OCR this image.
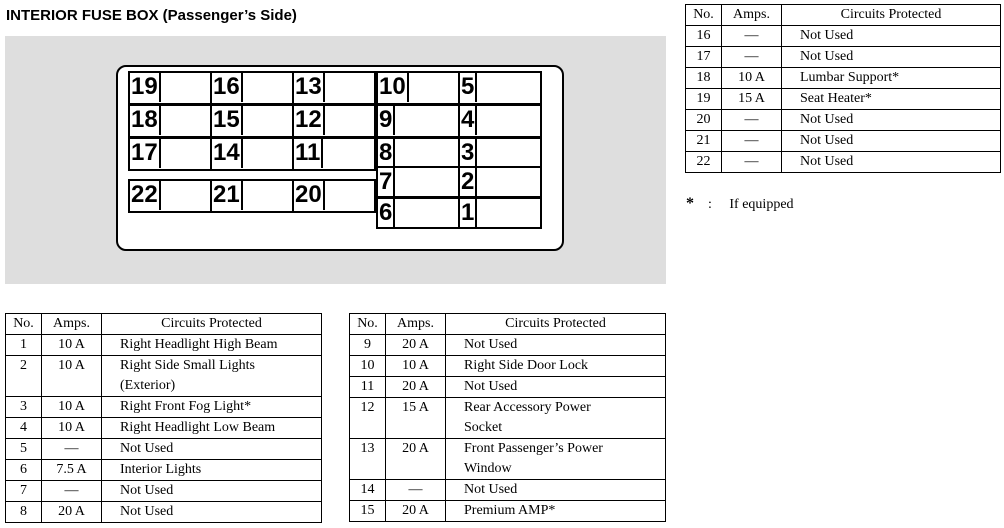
INTERIOR FUSE BOX (Passenger’s Side)
19 16 13 10 5
18 15 12 9	4
17 14 11 8	3
22 21 20 7	2
6	1
No.	Amps.	Circuits Protected
1	10 A	Right Headlight High Beam
2	10 A	Right Side Small Lights
(Exterior)
3	10 A	Right Front Fog Light*
4	10 A	Right Headlight Low Beam
5	—	Not Used
6	7.5 A	Interior Lights
7	—	Not Used
8	20 A	Not Used
No.	Amps.	Circuits Protected
9	20 A	Not Used
10	10 A	Right Side Door Lock
11	20 A	Not Used
12	15 A	Rear Accessory Power
Socket
13	20 A	Front Passenger’s Power
Window
14	—	Not Used
15	20 A	Premium AMP*
No.	Amps.	Circuits Protected
16	—	Not Used
17	—	Not Used
18	10 A	Lumbar Support*
19	15 A	Seat Heater*
20	—	Not Used
21	—	Not Used
22	—	Not Used
* : If equipped
